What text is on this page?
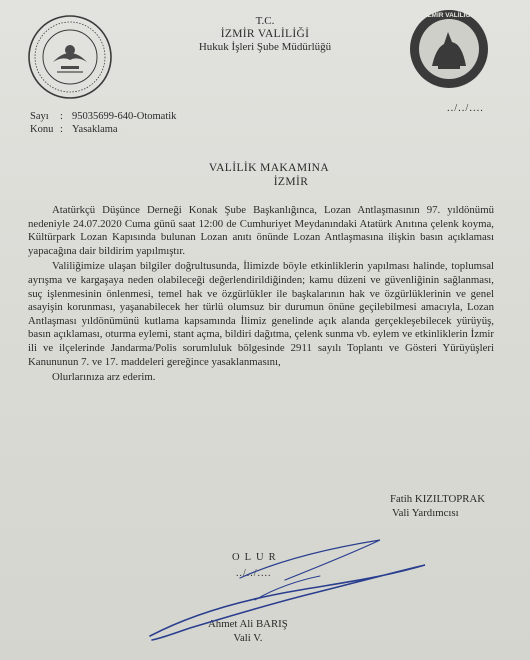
İZMİR VALİLİĞİ
T.C.
İZMİR VALİLİĞİ
Hukuk İşleri Şube Müdürlüğü
Sayı : 95035699-640-Otomatik
Konu : Yasaklama
../../....
VALİLİK MAKAMINA
İZMİR

Atatürkçü Düşünce Derneği Konak Şube Başkanlığınca, Lozan Antlaşmasının 97. yıldönümü nedeniyle 24.07.2020 Cuma günü saat 12:00 de Cumhuriyet Meydanındaki Atatürk Anıtına çelenk koyma, Kültürpark Lozan Kapısında bulunan Lozan anıtı önünde Lozan Antlaşmasına ilişkin basın açıklaması yapacağına dair bildirim yapılmıştır.

Valiliğimize ulaşan bilgiler doğrultusunda, İlimizde böyle etkinliklerin yapılması halinde, toplumsal ayrışma ve kargaşaya neden olabileceği değerlendirildiğinden; kamu düzeni ve güvenliğinin sağlanması, suç işlenmesinin önlenmesi, temel hak ve özgürlükler ile başkalarının hak ve özgürlüklerinin ve genel asayişin korunması, yaşanabilecek her türlü olumsuz bir durumun önüne geçilebilmesi amacıyla, Lozan Antlaşması yıldönümünü kutlama kapsamında İlimiz genelinde açık alanda gerçekleşebilecek yürüyüş, basın açıklaması, oturma eylemi, stant açma, bildiri dağıtma, çelenk sunma vb. eylem ve etkinliklerin İzmir ili ve ilçelerinde Jandarma/Polis sorumluluk bölgesinde 2911 sayılı Toplantı ve Gösteri Yürüyüşleri Kanununun 7. ve 17. maddeleri gereğince yasaklanmasını,

Olurlarınıza arz ederim.

Fatih KIZILTOPRAK
Vali Yardımcısı
OLUR
../../....
Ahmet Ali BARIŞ
Vali V.
